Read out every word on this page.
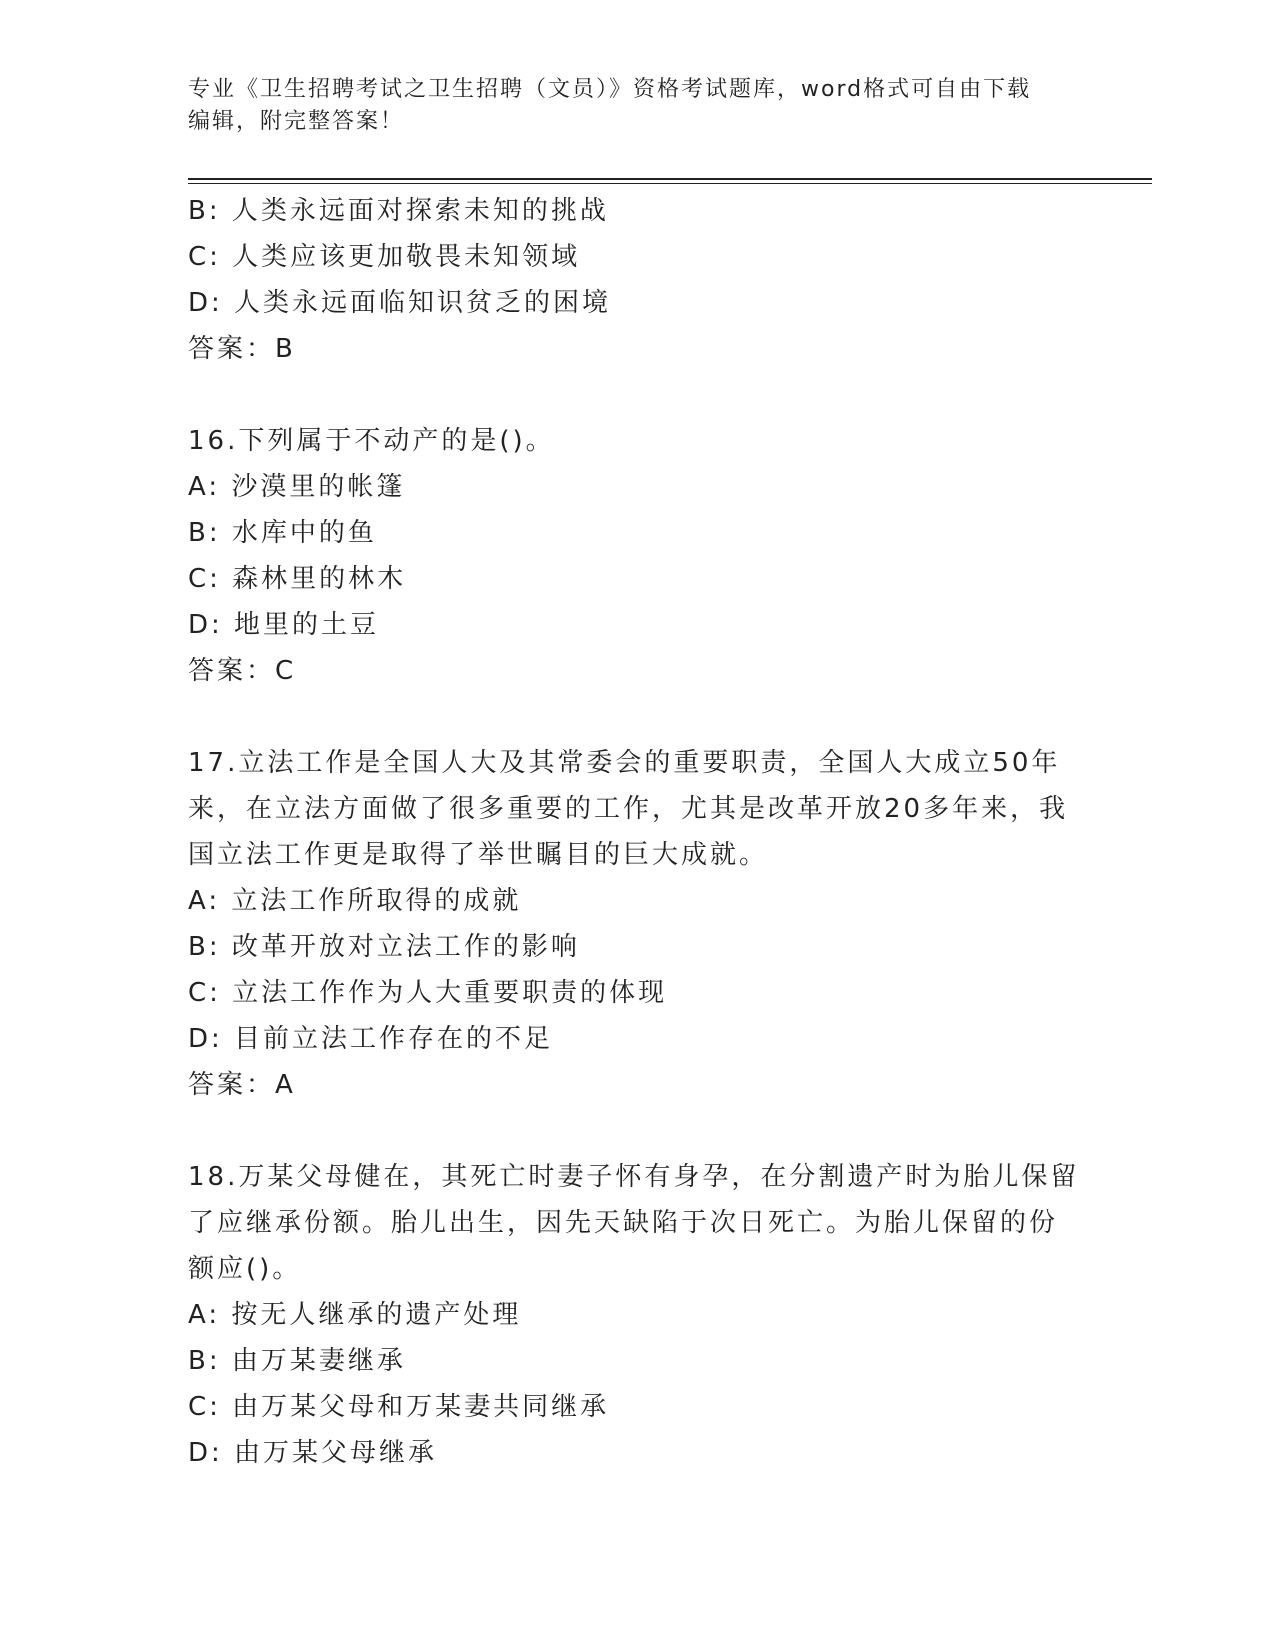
专业《卫生招聘考试之卫生招聘（文员）》资格考试题库，word格式可自由下载
编辑，附完整答案！
B: 人类永远面对探索未知的挑战
C: 人类应该更加敬畏未知领域
D: 人类永远面临知识贫乏的困境
答案：B
16.下列属于不动产的是()。
A: 沙漠里的帐篷
B: 水库中的鱼
C: 森林里的林木
D: 地里的土豆
答案：C
17.立法工作是全国人大及其常委会的重要职责，全国人大成立50年
来，在立法方面做了很多重要的工作，尤其是改革开放20多年来，我
国立法工作更是取得了举世瞩目的巨大成就。
A: 立法工作所取得的成就
B: 改革开放对立法工作的影响
C: 立法工作作为人大重要职责的体现
D: 目前立法工作存在的不足
答案：A
18.万某父母健在，其死亡时妻子怀有身孕，在分割遗产时为胎儿保留
了应继承份额。胎儿出生，因先天缺陷于次日死亡。为胎儿保留的份
额应()。
A: 按无人继承的遗产处理
B: 由万某妻继承
C: 由万某父母和万某妻共同继承
D: 由万某父母继承
